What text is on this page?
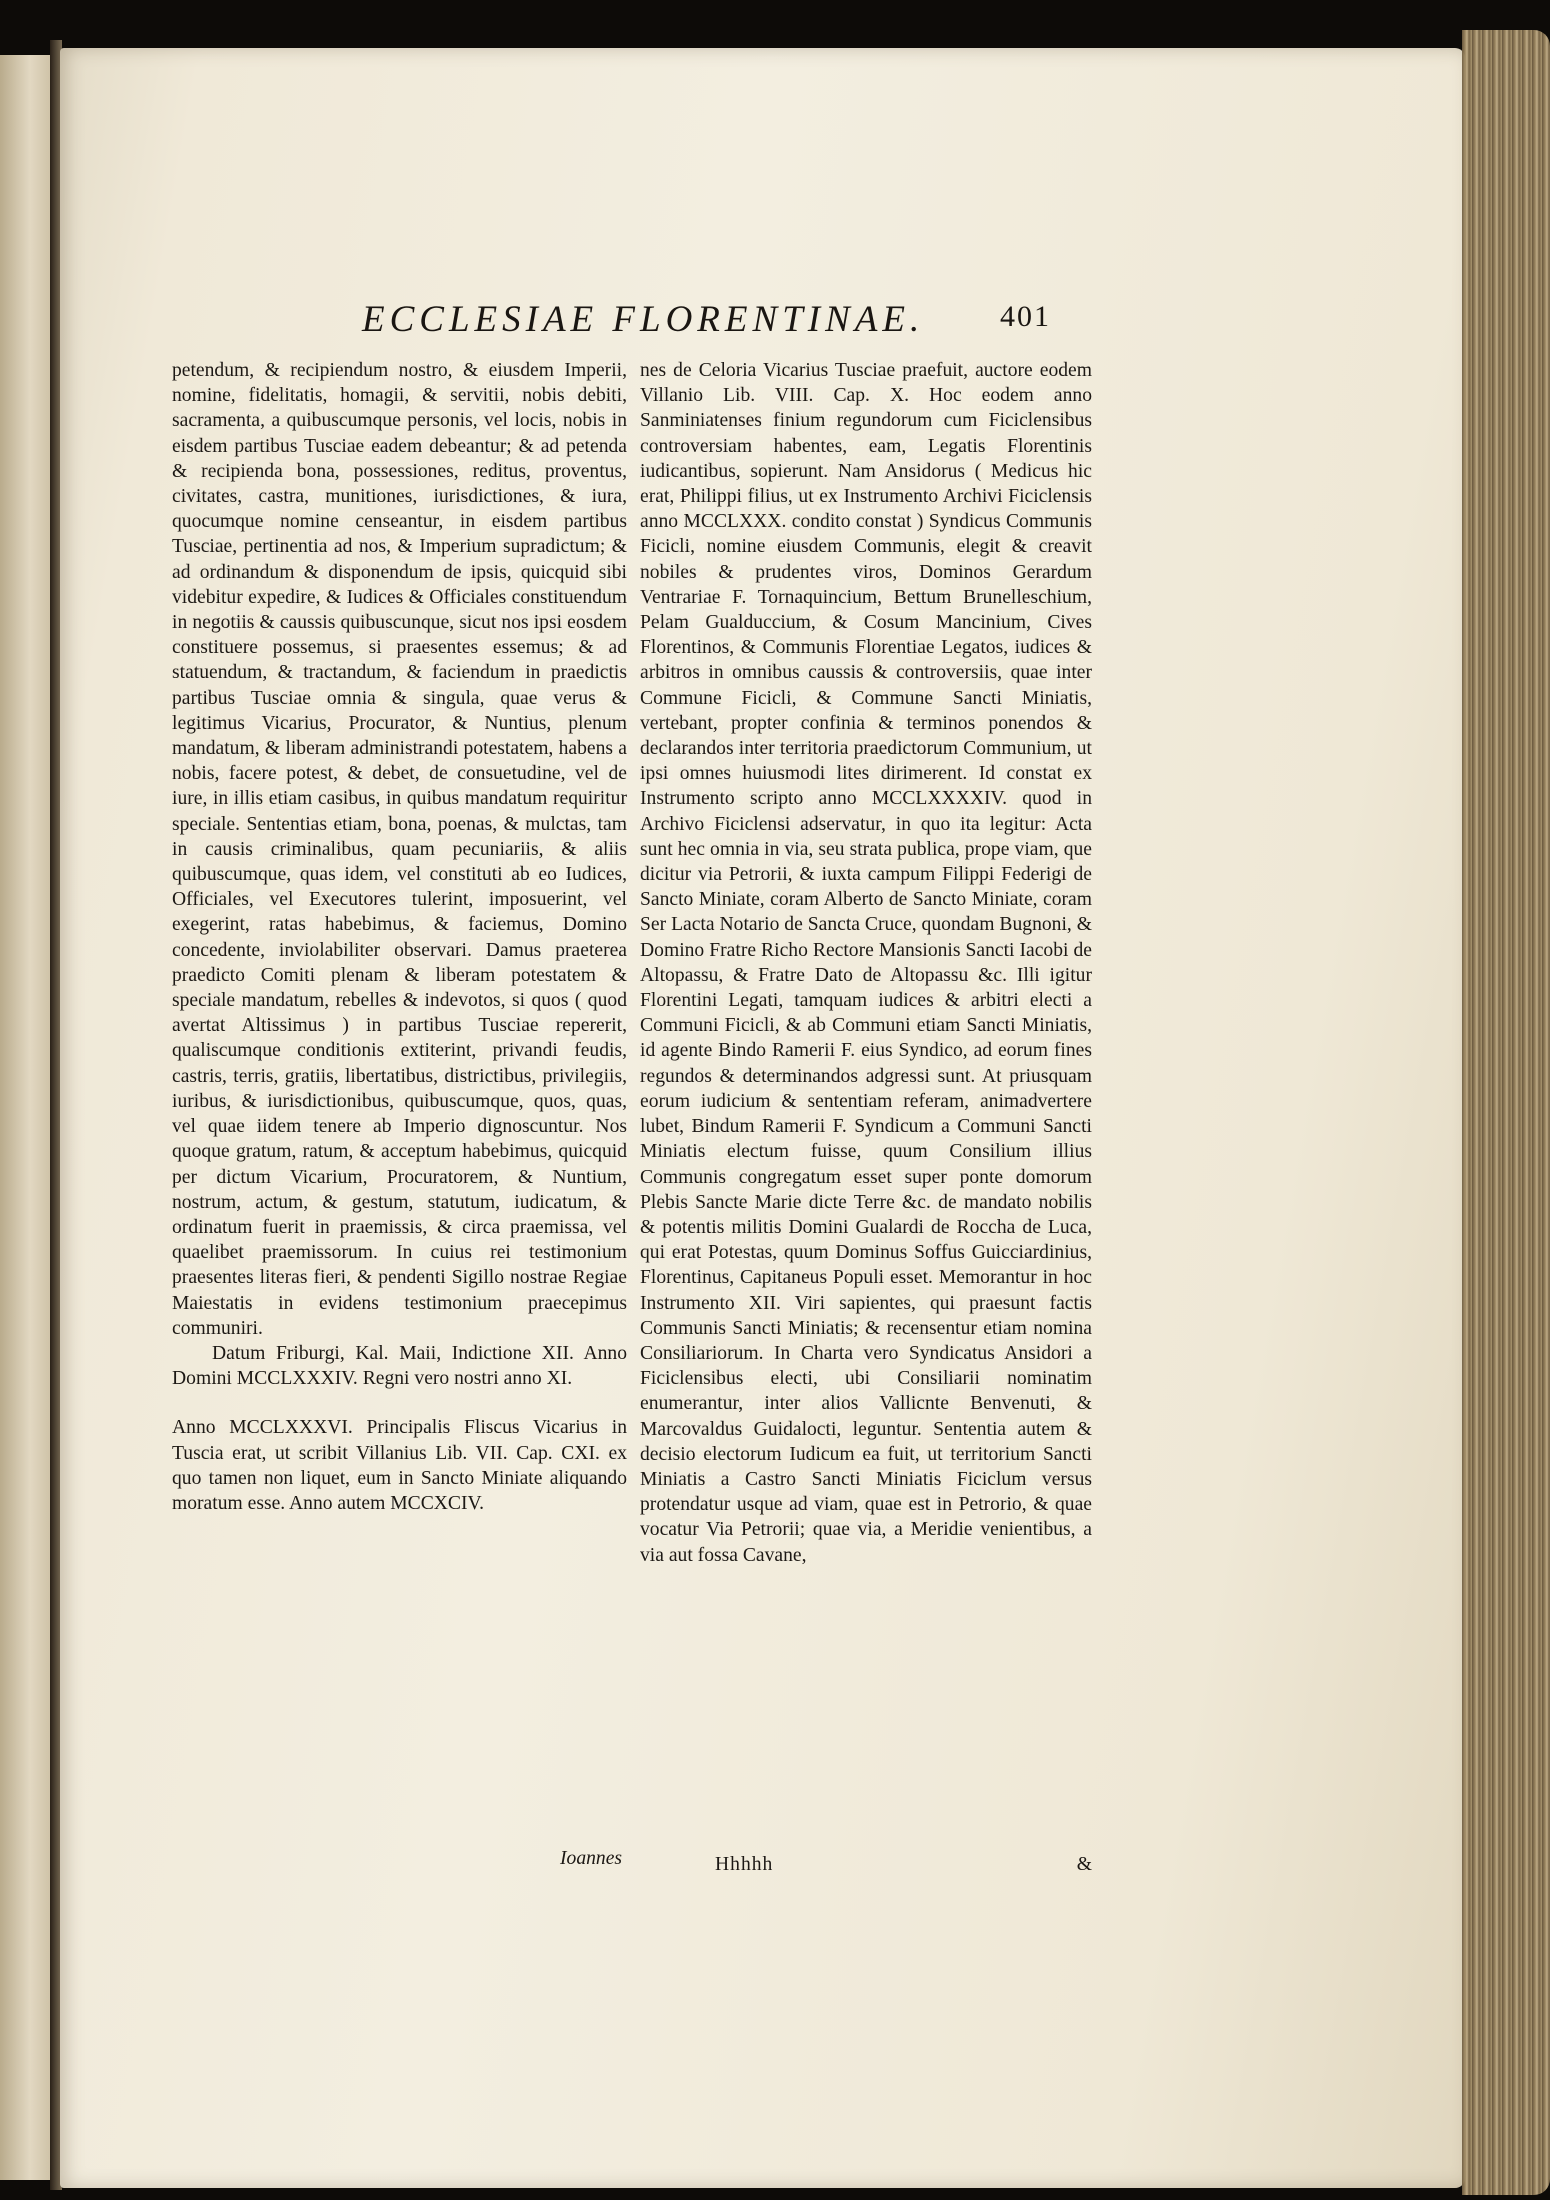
ECCLESIAE FLORENTINAE.	401

petendum, & recipiendum nostro, & eiusdem Imperii, nomine, fidelitatis, homagii, & servitii, nobis debiti, sacramenta, a quibuscumque personis, vel locis, nobis in eisdem partibus Tusciae eadem debeantur; & ad petenda & recipienda bona, possessiones, reditus, proventus, civitates, castra, munitiones, iurisdictiones, & iura, quocumque nomine censeantur, in eisdem partibus Tusciae, pertinentia ad nos, & Imperium supradictum; & ad ordinandum & disponendum de ipsis, quicquid sibi videbitur expedire, & Iudices & Officiales constituendum in negotiis & caussis quibuscunque, sicut nos ipsi eosdem constituere possemus, si praesentes essemus; & ad statuendum, & tractandum, & faciendum in praedictis partibus Tusciae omnia & singula, quae verus & legitimus Vicarius, Procurator, & Nuntius, plenum mandatum, & liberam administrandi potestatem, habens a nobis, facere potest, & debet, de consuetudine, vel de iure, in illis etiam casibus, in quibus mandatum requiritur speciale. Sententias etiam, bona, poenas, & mulctas, tam in causis criminalibus, quam pecuniariis, & aliis quibuscumque, quas idem, vel constituti ab eo Iudices, Officiales, vel Executores tulerint, imposuerint, vel exegerint, ratas habebimus, & faciemus, Domino concedente, inviolabiliter observari. Damus praeterea praedicto Comiti plenam & liberam potestatem & speciale mandatum, rebelles & indevotos, si quos ( quod avertat Altissimus ) in partibus Tusciae repererit, qualiscumque conditionis extiterint, privandi feudis, castris, terris, gratiis, libertatibus, districtibus, privilegiis, iuribus, & iurisdictionibus, quibuscumque, quos, quas, vel quae iidem tenere ab Imperio dignoscuntur. Nos quoque gratum, ratum, & acceptum habebimus, quicquid per dictum Vicarium, Procuratorem, & Nuntium, nostrum, actum, & gestum, statutum, iudicatum, & ordinatum fuerit in praemissis, & circa praemissa, vel quaelibet praemissorum. In cuius rei testimonium praesentes literas fieri, & pendenti Sigillo nostrae Regiae Maiestatis in evidens testimonium praecepimus communiri.

Datum Friburgi, Kal. Maii, Indictione XII. Anno Domini MCCLXXXIV. Regni vero nostri anno XI.

Anno MCCLXXXVI. Principalis Fliscus Vicarius in Tuscia erat, ut scribit Villanius Lib. VII. Cap. CXI. ex quo tamen non liquet, eum in Sancto Miniate aliquando moratum esse. Anno autem MCCXCIV.

Ioannes

nes de Celoria Vicarius Tusciae praefuit, auctore eodem Villanio Lib. VIII. Cap. X. Hoc eodem anno Sanminiatenses finium regundorum cum Ficiclensibus controversiam habentes, eam, Legatis Florentinis iudicantibus, sopierunt. Nam Ansidorus ( Medicus hic erat, Philippi filius, ut ex Instrumento Archivi Ficiclensis anno MCCLXXX. condito constat ) Syndicus Communis Ficicli, nomine eiusdem Communis, elegit & creavit nobiles & prudentes viros, Dominos Gerardum Ventrariae F. Tornaquincium, Bettum Brunelleschium, Pelam Gualduccium, & Cosum Mancinium, Cives Florentinos, & Communis Florentiae Legatos, iudices & arbitros in omnibus caussis & controversiis, quae inter Commune Ficicli, & Commune Sancti Miniatis, vertebant, propter confinia & terminos ponendos & declarandos inter territoria praedictorum Communium, ut ipsi omnes huiusmodi lites dirimerent. Id constat ex Instrumento scripto anno MCCLXXXXIV. quod in Archivo Ficiclensi adservatur, in quo ita legitur: Acta sunt hec omnia in via, seu strata publica, prope viam, que dicitur via Petrorii, & iuxta campum Filippi Federigi de Sancto Miniate, coram Alberto de Sancto Miniate, coram Ser Lacta Notario de Sancta Cruce, quondam Bugnoni, & Domino Fratre Richo Rectore Mansionis Sancti Iacobi de Altopassu, & Fratre Dato de Altopassu &c. Illi igitur Florentini Legati, tamquam iudices & arbitri electi a Communi Ficicli, & ab Communi etiam Sancti Miniatis, id agente Bindo Ramerii F. eius Syndico, ad eorum fines regundos & determinandos adgressi sunt. At priusquam eorum iudicium & sententiam referam, animadvertere lubet, Bindum Ramerii F. Syndicum a Communi Sancti Miniatis electum fuisse, quum Consilium illius Communis congregatum esset super ponte domorum Plebis Sancte Marie dicte Terre &c. de mandato nobilis & potentis militis Domini Gualardi de Roccha de Luca, qui erat Potestas, quum Dominus Soffus Guicciardinius, Florentinus, Capitaneus Populi esset. Memorantur in hoc Instrumento XII. Viri sapientes, qui praesunt factis Communis Sancti Miniatis; & recensentur etiam nomina Consiliariorum. In Charta vero Syndicatus Ansidori a Ficiclensibus electi, ubi Consiliarii nominatim enumerantur, inter alios Vallicnte Benvenuti, & Marcovaldus Guidalocti, leguntur. Sententia autem & decisio electorum Iudicum ea fuit, ut territorium Sancti Miniatis a Castro Sancti Miniatis Ficiclum versus protendatur usque ad viam, quae est in Petrorio, & quae vocatur Via Petrorii; quae via, a Meridie venientibus, a via aut fossa Cavane,

Hhhhh	&
